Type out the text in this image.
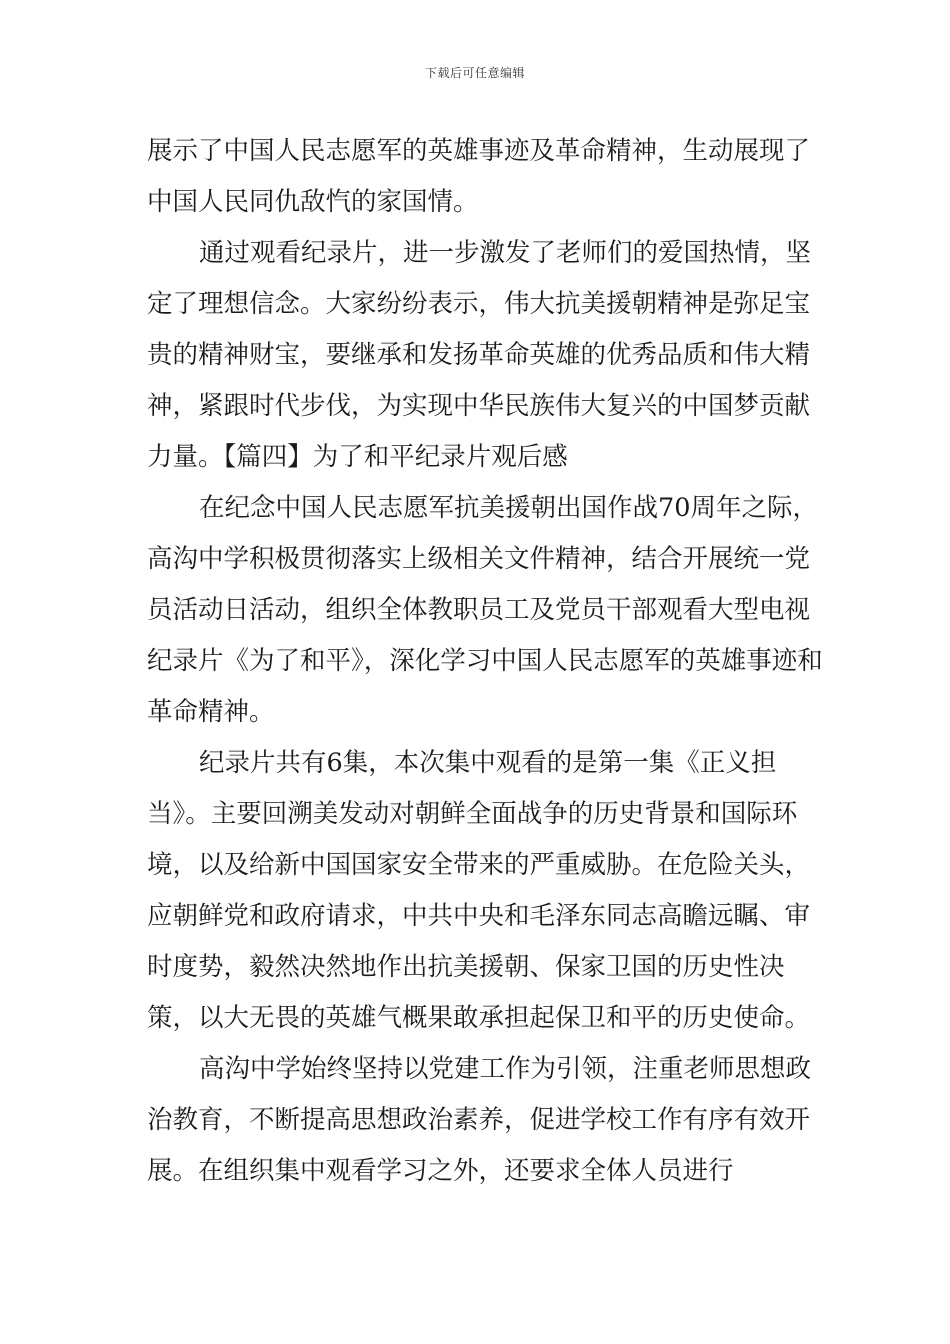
下载后可任意编辑

展示了中国人民志愿军的英雄事迹及革命精神，生动展现了中国人民同仇敌忾的家国情。

通过观看纪录片，进一步激发了老师们的爱国热情，坚定了理想信念。大家纷纷表示，伟大抗美援朝精神是弥足宝贵的精神财宝，要继承和发扬革命英雄的优秀品质和伟大精神，紧跟时代步伐，为实现中华民族伟大复兴的中国梦贡献力量。【篇四】为了和平纪录片观后感

在纪念中国人民志愿军抗美援朝出国作战70周年之际，高沟中学积极贯彻落实上级相关文件精神，结合开展统一党员活动日活动，组织全体教职员工及党员干部观看大型电视纪录片《为了和平》，深化学习中国人民志愿军的英雄事迹和革命精神。

纪录片共有6集，本次集中观看的是第一集《正义担当》。主要回溯美发动对朝鲜全面战争的历史背景和国际环境，以及给新中国国家安全带来的严重威胁。在危险关头，应朝鲜党和政府请求，中共中央和毛泽东同志高瞻远瞩、审时度势，毅然决然地作出抗美援朝、保家卫国的历史性决策，以大无畏的英雄气概果敢承担起保卫和平的历史使命。

高沟中学始终坚持以党建工作为引领，注重老师思想政治教育，不断提高思想政治素养，促进学校工作有序有效开展。在组织集中观看学习之外，还要求全体人员进行
